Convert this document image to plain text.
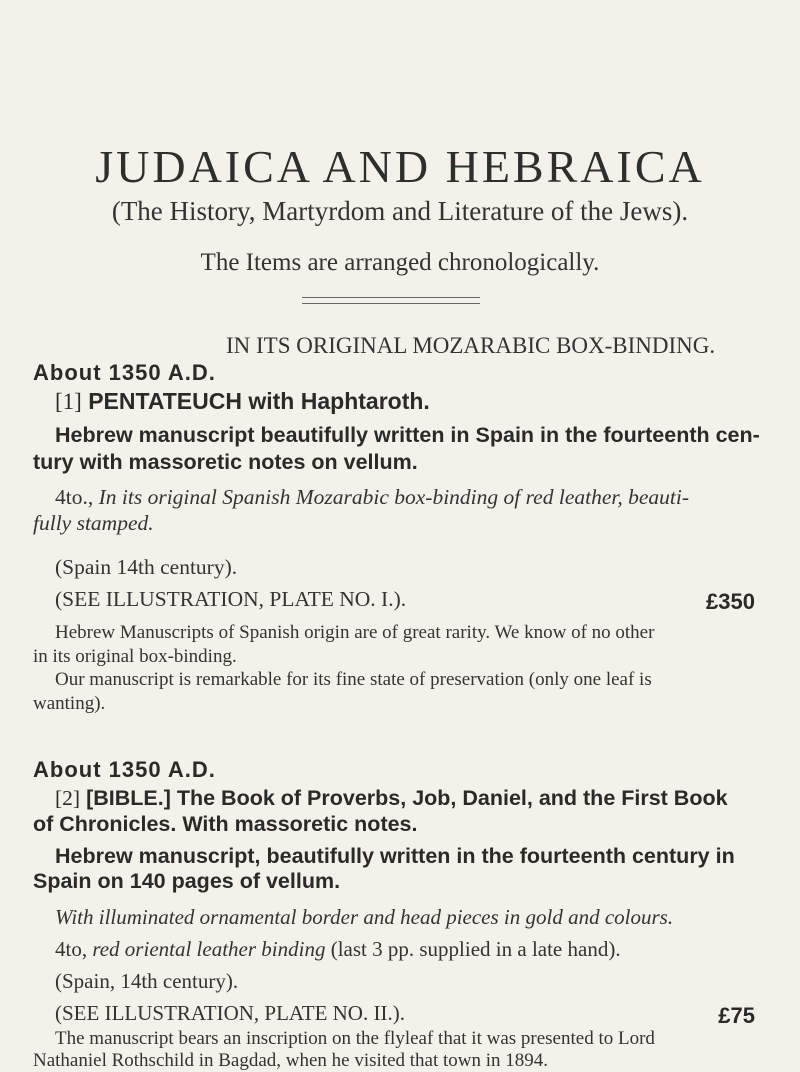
JUDAICA AND HEBRAICA
(The History, Martyrdom and Literature of the Jews).
The Items are arranged chronologically.
IN ITS ORIGINAL MOZARABIC BOX-BINDING.
About 1350 A.D.
[1] PENTATEUCH with Haphtaroth.
Hebrew manuscript beautifully written in Spain in the fourteenth cen-
tury with massoretic notes on vellum.
4to., In its original Spanish Mozarabic box-binding of red leather, beauti-
fully stamped.
(Spain 14th century).
(SEE ILLUSTRATION, PLATE NO. I.).	£350
Hebrew Manuscripts of Spanish origin are of great rarity. We know of no other
in its original box-binding.
Our manuscript is remarkable for its fine state of preservation (only one leaf is
wanting).
About 1350 A.D.
[2] [BIBLE.] The Book of Proverbs, Job, Daniel, and the First Book
of Chronicles. With massoretic notes.
Hebrew manuscript, beautifully written in the fourteenth century in
Spain on 140 pages of vellum.
With illuminated ornamental border and head pieces in gold and colours.
4to, red oriental leather binding (last 3 pp. supplied in a late hand).
(Spain, 14th century).
(SEE ILLUSTRATION, PLATE NO. II.).	£75
The manuscript bears an inscription on the flyleaf that it was presented to Lord
Nathaniel Rothschild in Bagdad, when he visited that town in 1894.
